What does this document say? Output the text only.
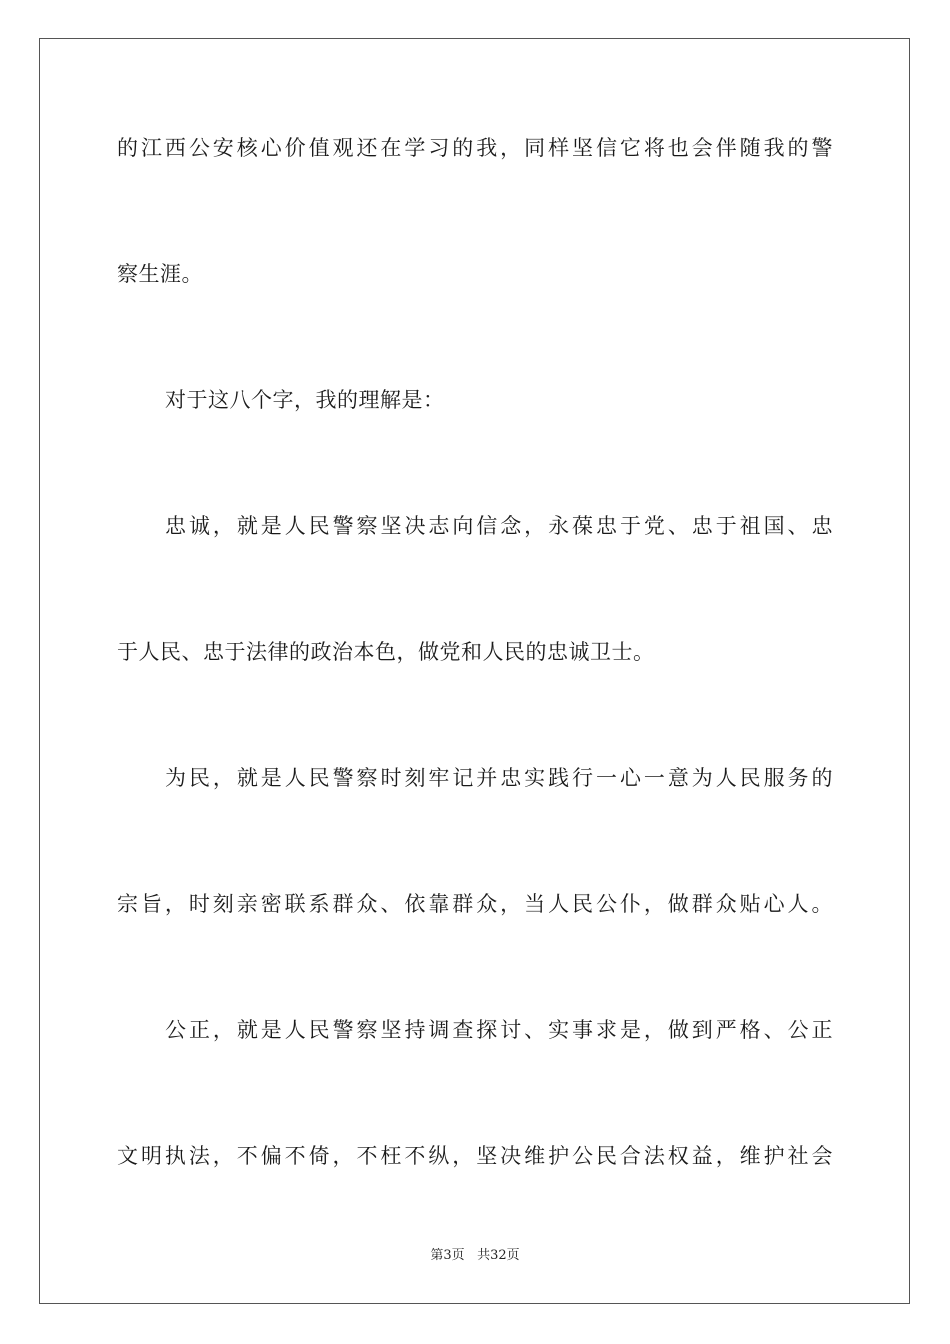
的江西公安核心价值观还在学习的我，同样坚信它将也会伴随我的警
察生涯。
对于这八个字，我的理解是：
忠诚，就是人民警察坚决志向信念，永葆忠于党、忠于祖国、忠
于人民、忠于法律的政治本色，做党和人民的忠诚卫士。
为民，就是人民警察时刻牢记并忠实践行一心一意为人民服务的
宗旨，时刻亲密联系群众、依靠群众，当人民公仆，做群众贴心人。
公正，就是人民警察坚持调查探讨、实事求是，做到严格、公正
文明执法，不偏不倚，不枉不纵，坚决维护公民合法权益，维护社会
第3页 共32页
